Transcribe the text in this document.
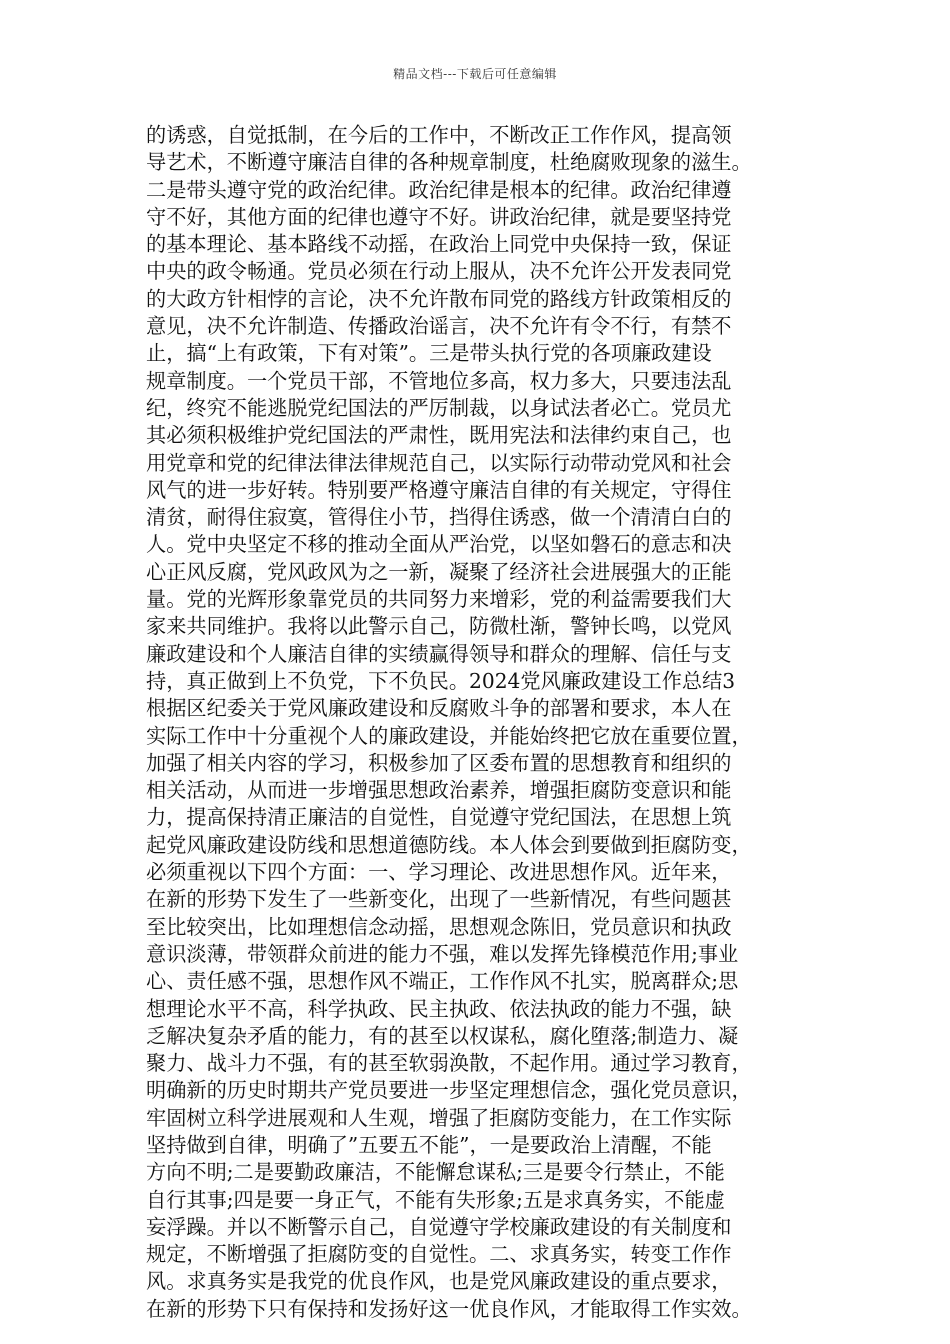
精品文档---下载后可任意编辑
的诱惑，自觉抵制，在今后的工作中，不断改正工作作风，提高领
导艺术，不断遵守廉洁自律的各种规章制度，杜绝腐败现象的滋生。
二是带头遵守党的政治纪律。政治纪律是根本的纪律。政治纪律遵
守不好，其他方面的纪律也遵守不好。讲政治纪律，就是要坚持党
的基本理论、基本路线不动摇，在政治上同党中央保持一致，保证
中央的政令畅通。党员必须在行动上服从，决不允许公开发表同党
的大政方针相悖的言论，决不允许散布同党的路线方针政策相反的
意见，决不允许制造、传播政治谣言，决不允许有令不行，有禁不
止，搞“上有政策，下有对策”。三是带头执行党的各项廉政建设
规章制度。一个党员干部，不管地位多高，权力多大，只要违法乱
纪，终究不能逃脱党纪国法的严厉制裁，以身试法者必亡。党员尤
其必须积极维护党纪国法的严肃性，既用宪法和法律约束自己，也
用党章和党的纪律法律法律规范自己，以实际行动带动党风和社会
风气的进一步好转。特别要严格遵守廉洁自律的有关规定，守得住
清贫，耐得住寂寞，管得住小节，挡得住诱惑，做一个清清白白的
人。党中央坚定不移的推动全面从严治党，以坚如磐石的意志和决
心正风反腐，党风政风为之一新，凝聚了经济社会进展强大的正能
量。党的光辉形象靠党员的共同努力来增彩，党的利益需要我们大
家来共同维护。我将以此警示自己，防微杜渐，警钟长鸣，以党风
廉政建设和个人廉洁自律的实绩赢得领导和群众的理解、信任与支
持，真正做到上不负党，下不负民。2024党风廉政建设工作总结3
根据区纪委关于党风廉政建设和反腐败斗争的部署和要求，本人在
实际工作中十分重视个人的廉政建设，并能始终把它放在重要位置，
加强了相关内容的学习，积极参加了区委布置的思想教育和组织的
相关活动，从而进一步增强思想政治素养，增强拒腐防变意识和能
力，提高保持清正廉洁的自觉性，自觉遵守党纪国法，在思想上筑
起党风廉政建设防线和思想道德防线。本人体会到要做到拒腐防变，
必须重视以下四个方面：一、学习理论、改进思想作风。近年来，
在新的形势下发生了一些新变化，出现了一些新情况，有些问题甚
至比较突出，比如理想信念动摇，思想观念陈旧，党员意识和执政
意识淡薄，带领群众前进的能力不强，难以发挥先锋模范作用;事业
心、责任感不强，思想作风不端正，工作作风不扎实，脱离群众;思
想理论水平不高，科学执政、民主执政、依法执政的能力不强，缺
乏解决复杂矛盾的能力，有的甚至以权谋私，腐化堕落;制造力、凝
聚力、战斗力不强，有的甚至软弱涣散，不起作用。通过学习教育，
明确新的历史时期共产党员要进一步坚定理想信念，强化党员意识，
牢固树立科学进展观和人生观，增强了拒腐防变能力，在工作实际
坚持做到自律，明确了”五要五不能”，一是要政治上清醒，不能
方向不明;二是要勤政廉洁，不能懈怠谋私;三是要令行禁止，不能
自行其事;四是要一身正气，不能有失形象;五是求真务实，不能虚
妄浮躁。并以不断警示自己，自觉遵守学校廉政建设的有关制度和
规定，不断增强了拒腐防变的自觉性。二、求真务实，转变工作作
风。求真务实是我党的优良作风，也是党风廉政建设的重点要求，
在新的形势下只有保持和发扬好这一优良作风，才能取得工作实效。
